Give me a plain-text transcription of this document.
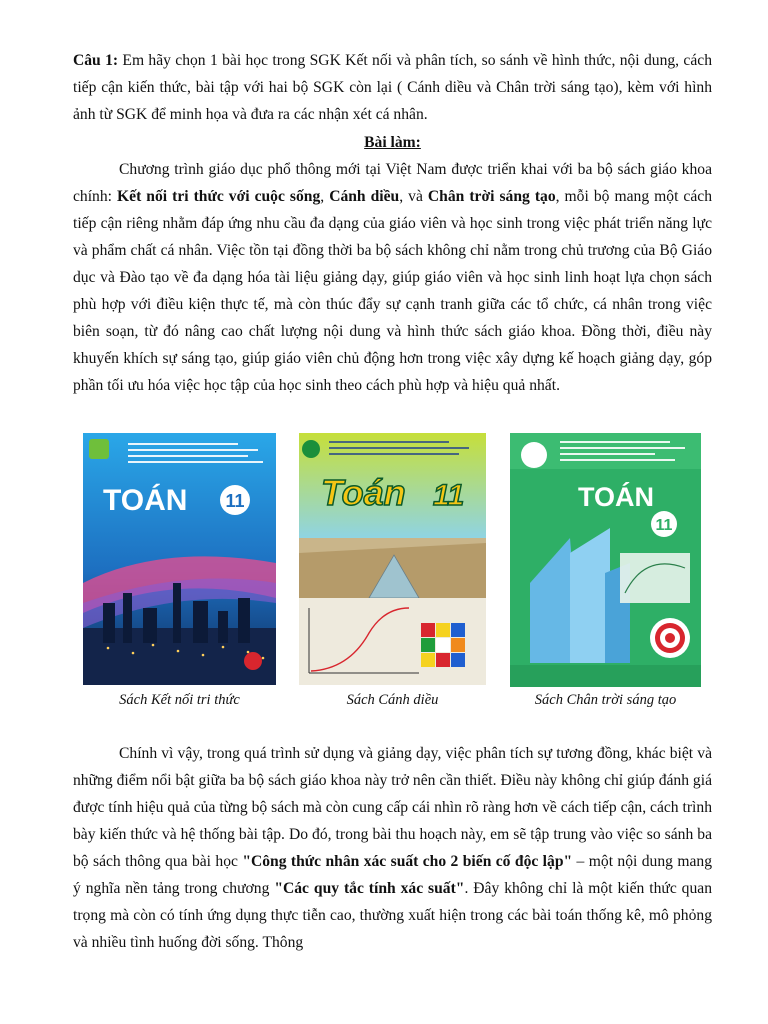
Câu 1: Em hãy chọn 1 bài học trong SGK Kết nối và phân tích, so sánh về hình thức, nội dung, cách tiếp cận kiến thức, bài tập với hai bộ SGK còn lại ( Cánh diều và Chân trời sáng tạo), kèm với hình ảnh từ SGK để minh họa và đưa ra các nhận xét cá nhân.
Bài làm:
Chương trình giáo dục phổ thông mới tại Việt Nam được triển khai với ba bộ sách giáo khoa chính: Kết nối tri thức với cuộc sống, Cánh diều, và Chân trời sáng tạo, mỗi bộ mang một cách tiếp cận riêng nhằm đáp ứng nhu cầu đa dạng của giáo viên và học sinh trong việc phát triển năng lực và phẩm chất cá nhân. Việc tồn tại đồng thời ba bộ sách không chỉ nằm trong chủ trương của Bộ Giáo dục và Đào tạo về đa dạng hóa tài liệu giảng dạy, giúp giáo viên và học sinh linh hoạt lựa chọn sách phù hợp với điều kiện thực tế, mà còn thúc đẩy sự cạnh tranh giữa các tổ chức, cá nhân trong việc biên soạn, từ đó nâng cao chất lượng nội dung và hình thức sách giáo khoa. Đồng thời, điều này khuyến khích sự sáng tạo, giúp giáo viên chủ động hơn trong việc xây dựng kế hoạch giảng dạy, góp phần tối ưu hóa việc học tập của học sinh theo cách phù hợp và hiệu quả nhất.
TOÁN 11 Toán 11	TOÁN
11
Sách Kết nối tri thức	Sách Cánh diều	Sách Chân trời sáng tạo
Chính vì vậy, trong quá trình sử dụng và giảng dạy, việc phân tích sự tương đồng, khác biệt và những điểm nổi bật giữa ba bộ sách giáo khoa này trở nên cần thiết. Điều này không chỉ giúp đánh giá được tính hiệu quả của từng bộ sách mà còn cung cấp cái nhìn rõ ràng hơn về cách tiếp cận, cách trình bày kiến thức và hệ thống bài tập. Do đó, trong bài thu hoạch này, em sẽ tập trung vào việc so sánh ba bộ sách thông qua bài học "Công thức nhân xác suất cho 2 biến cố độc lập" – một nội dung mang ý nghĩa nền tảng trong chương "Các quy tắc tính xác suất". Đây không chỉ là một kiến thức quan trọng mà còn có tính ứng dụng thực tiễn cao, thường xuất hiện trong các bài toán thống kê, mô phỏng và nhiều tình huống đời sống. Thông
